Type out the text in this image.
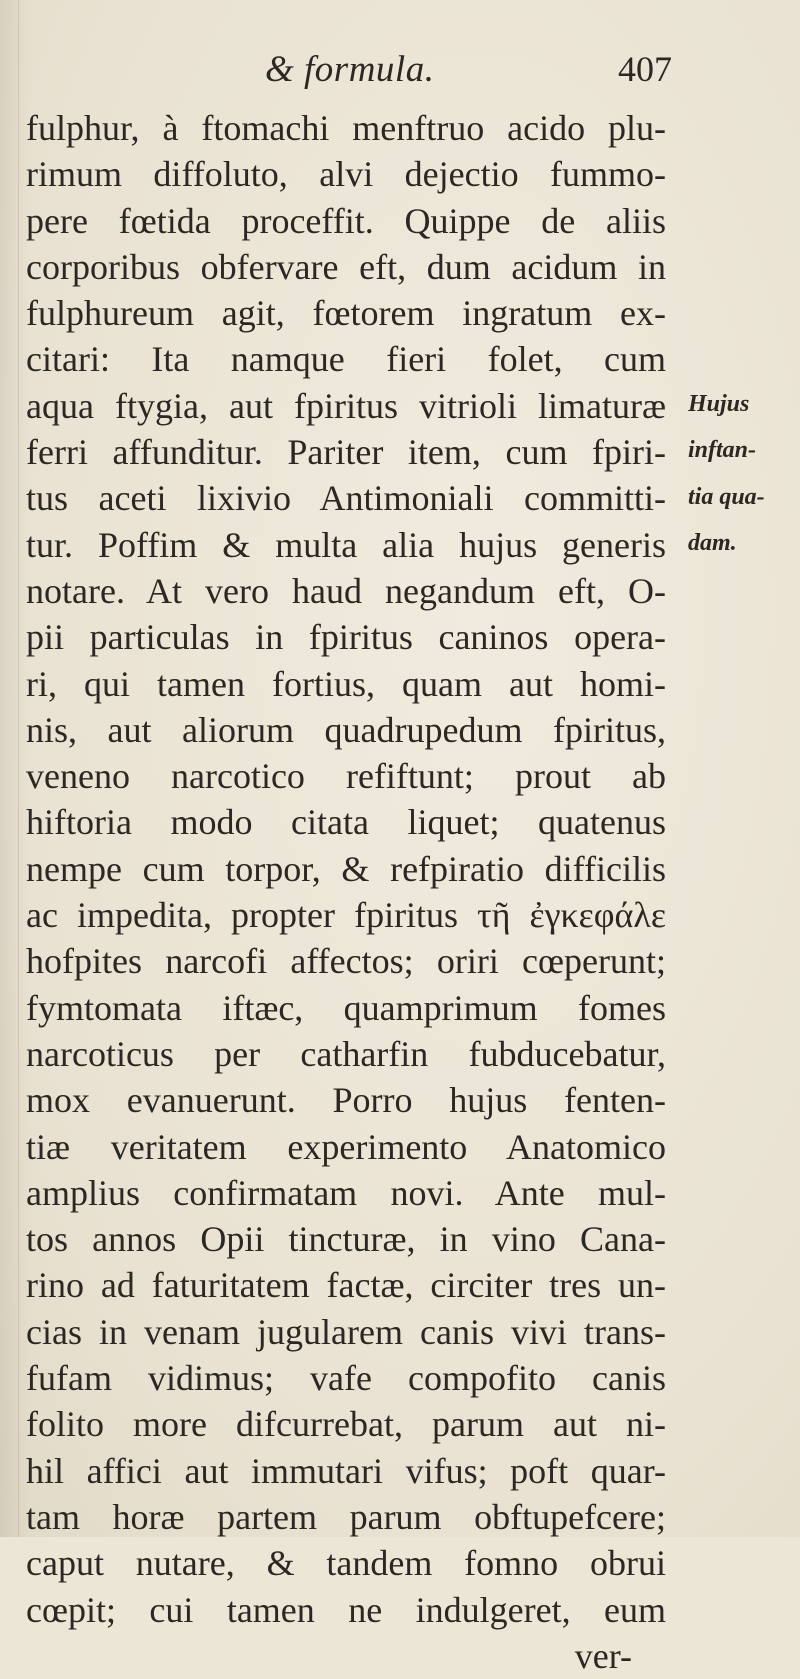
& formula.	407
fulphur, à ftomachi menftruo acido plu-
rimum diffoluto, alvi dejectio fummo-
pere fœtida proceffit. Quippe de aliis
corporibus obfervare eft, dum acidum in
fulphureum agit, fœtorem ingratum ex-
citari: Ita namque fieri folet, cum
aqua ftygia, aut fpiritus vitrioli limaturæ
ferri affunditur. Pariter item, cum fpiri-
tus aceti lixivio Antimoniali committi-
tur. Poffim & multa alia hujus generis
notare. At vero haud negandum eft, O-
pii particulas in fpiritus caninos opera-
ri, qui tamen fortius, quam aut homi-
nis, aut aliorum quadrupedum fpiritus,
veneno narcotico refiftunt; prout ab
hiftoria modo citata liquet; quatenus
nempe cum torpor, & refpiratio difficilis
ac impedita, propter fpiritus τῆ ἐγκεφάλε
hofpites narcofi affectos; oriri cœperunt;
fymtomata iftæc, quamprimum fomes
narcoticus per catharfin fubducebatur,
mox evanuerunt. Porro hujus fenten-
tiæ veritatem experimento Anatomico
amplius confirmatam novi. Ante mul-
tos annos Opii tincturæ, in vino Cana-
rino ad faturitatem factæ, circiter tres un-
cias in venam jugularem canis vivi trans-
fufam vidimus; vafe compofito canis
folito more difcurrebat, parum aut ni-
hil affici aut immutari vifus; poft quar-
tam horæ partem parum obftupefcere;
caput nutare, & tandem fomno obrui
cœpit; cui tamen ne indulgeret, eum
ver-
Hujus
inftan-
tia qua-
dam.
